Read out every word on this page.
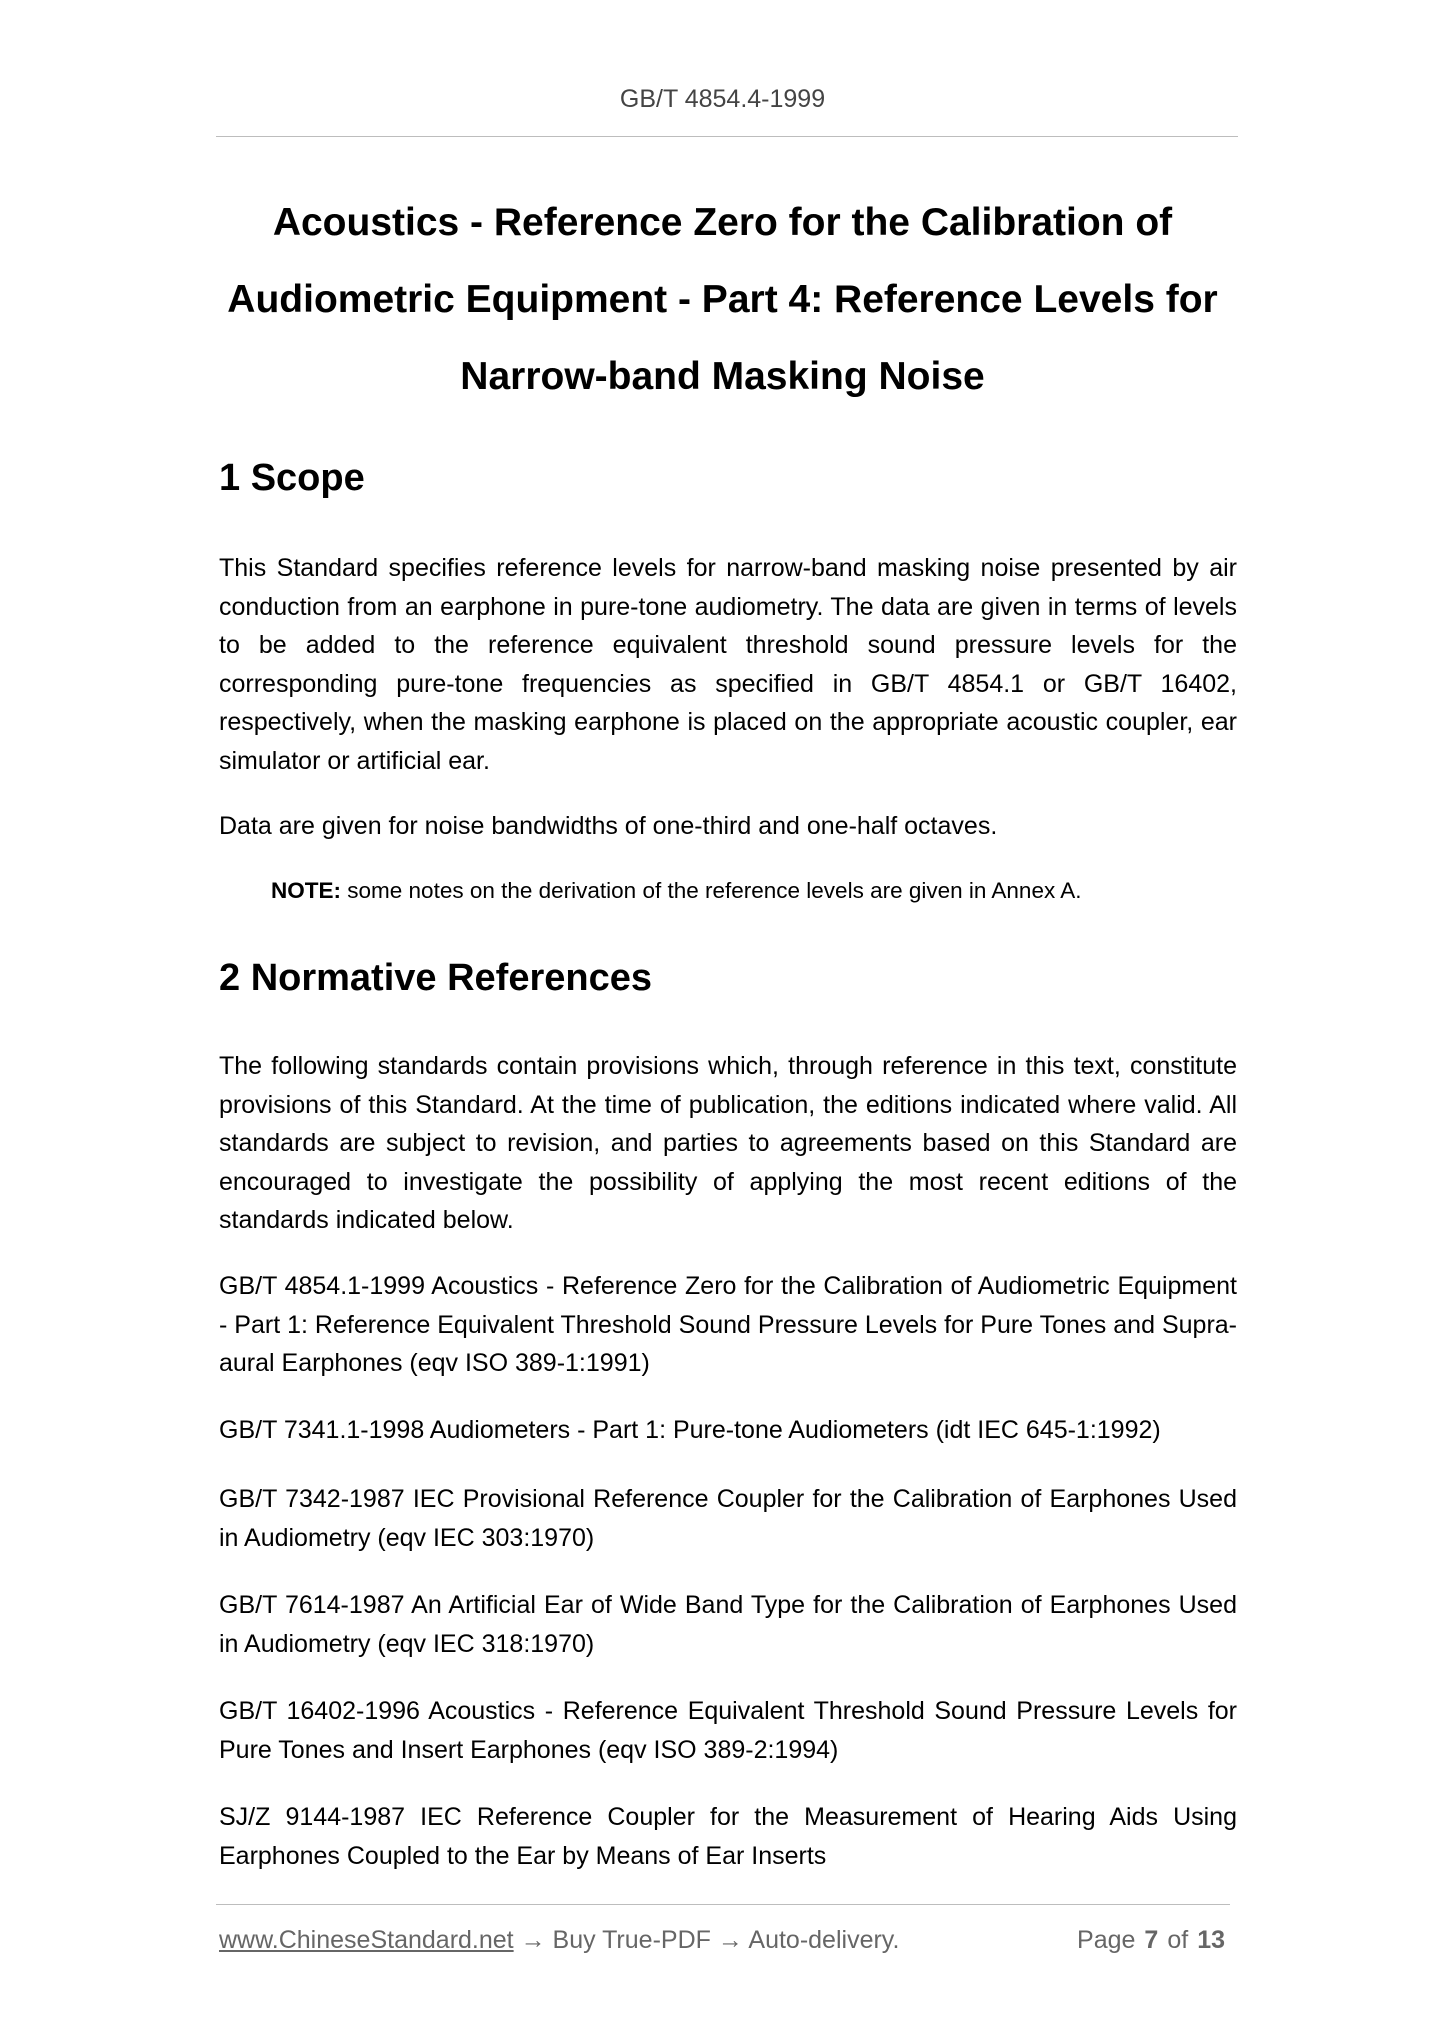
GB/T 4854.4-1999
Acoustics - Reference Zero for the Calibration of
Audiometric Equipment - Part 4: Reference Levels for
Narrow-band Masking Noise
1 Scope

This Standard specifies reference levels for narrow-band masking noise presented by air conduction from an earphone in pure-tone audiometry. The data are given in terms of levels to be added to the reference equivalent threshold sound pressure levels for the corresponding pure-tone frequencies as specified in GB/T 4854.1 or GB/T 16402, respectively, when the masking earphone is placed on the appropriate acoustic coupler, ear simulator or artificial ear.

Data are given for noise bandwidths of one-third and one-half octaves.

NOTE: some notes on the derivation of the reference levels are given in Annex A.
2 Normative References

The following standards contain provisions which, through reference in this text, constitute provisions of this Standard. At the time of publication, the editions indicated where valid. All standards are subject to revision, and parties to agreements based on this Standard are encouraged to investigate the possibility of applying the most recent editions of the standards indicated below.

GB/T 4854.1-1999 Acoustics - Reference Zero for the Calibration of Audiometric Equipment - Part 1: Reference Equivalent Threshold Sound Pressure Levels for Pure Tones and Supra-aural Earphones (eqv ISO 389-1:1991)

GB/T 7341.1-1998 Audiometers - Part 1: Pure-tone Audiometers (idt IEC 645-1:1992)

GB/T 7342-1987 IEC Provisional Reference Coupler for the Calibration of Earphones Used in Audiometry (eqv IEC 303:1970)

GB/T 7614-1987 An Artificial Ear of Wide Band Type for the Calibration of Earphones Used in Audiometry (eqv IEC 318:1970)

GB/T 16402-1996 Acoustics - Reference Equivalent Threshold Sound Pressure Levels for Pure Tones and Insert Earphones (eqv ISO 389-2:1994)

SJ/Z 9144-1987 IEC Reference Coupler for the Measurement of Hearing Aids Using Earphones Coupled to the Ear by Means of Ear Inserts

www.ChineseStandard.net → Buy True-PDF → Auto-delivery.	Page 7 of 13
